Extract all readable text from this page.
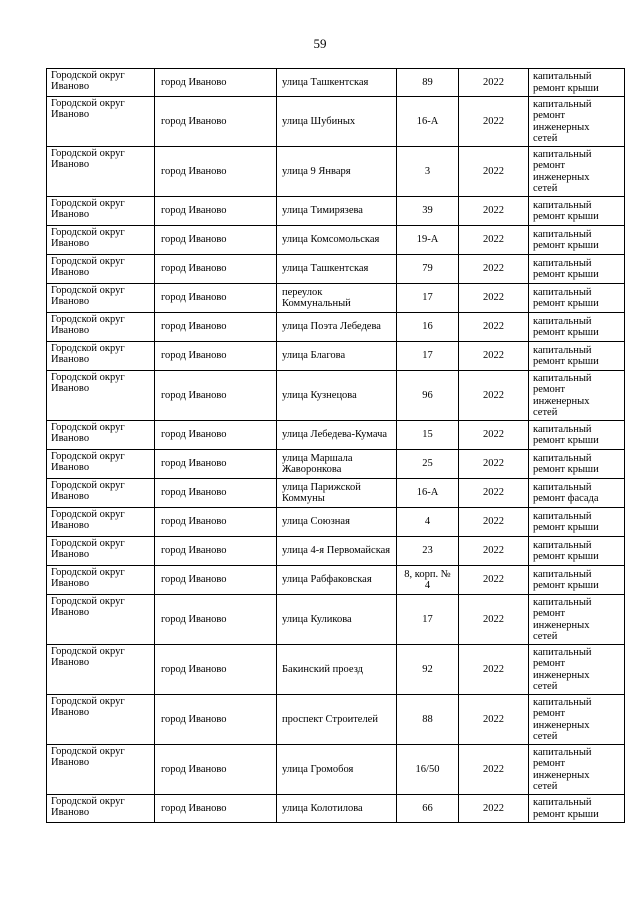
59
Городской округ Иваново	город Иваново	улица Ташкентская	89	2022	капитальный
ремонт крыши

Городской округ Иваново	город Иваново	улица Шубиных	16-А	2022	капитальный
ремонт
инженерных
сетей

Городской округ Иваново	город Иваново	улица 9 Января	3	2022	капитальный
ремонт
инженерных
сетей

Городской округ Иваново	город Иваново	улица Тимирязева	39	2022	капитальный
ремонт крыши

Городской округ Иваново	город Иваново	улица Комсомольская	19-А	2022	капитальный
ремонт крыши

Городской округ Иваново	город Иваново	улица Ташкентская	79	2022	капитальный
ремонт крыши

Городской округ Иваново	город Иваново	переулок Коммунальный	17	2022	капитальный
ремонт крыши

Городской округ Иваново	город Иваново	улица Поэта Лебедева	16	2022	капитальный
ремонт крыши

Городской округ Иваново	город Иваново	улица Благова	17	2022	капитальный
ремонт крыши

Городской округ Иваново	город Иваново	улица Кузнецова	96	2022	капитальный
ремонт
инженерных
сетей

Городской округ Иваново	город Иваново	улица Лебедева-Кумача	15	2022	капитальный
ремонт крыши

Городской округ Иваново	город Иваново	улица Маршала Жаворонкова	25	2022	капитальный
ремонт крыши

Городской округ Иваново	город Иваново	улица Парижской Коммуны	16-А	2022	капитальный
ремонт фасада

Городской округ Иваново	город Иваново	улица Союзная	4	2022	капитальный
ремонт крыши

Городской округ Иваново	город Иваново	улица 4-я Первомайская	23	2022	капитальный
ремонт крыши

Городской округ Иваново	город Иваново	улица Рабфаковская	8, корп. № 4	2022	капитальный
ремонт крыши

Городской округ Иваново	город Иваново	улица Куликова	17	2022	капитальный
ремонт
инженерных
сетей

Городской округ Иваново	город Иваново	Бакинский проезд	92	2022	капитальный
ремонт
инженерных
сетей

Городской округ Иваново	город Иваново	проспект Строителей	88	2022	капитальный
ремонт
инженерных
сетей

Городской округ Иваново	город Иваново	улица Громобоя	16/50	2022	капитальный
ремонт
инженерных
сетей

Городской округ Иваново	город Иваново	улица Колотилова	66	2022	капитальный
ремонт крыши
